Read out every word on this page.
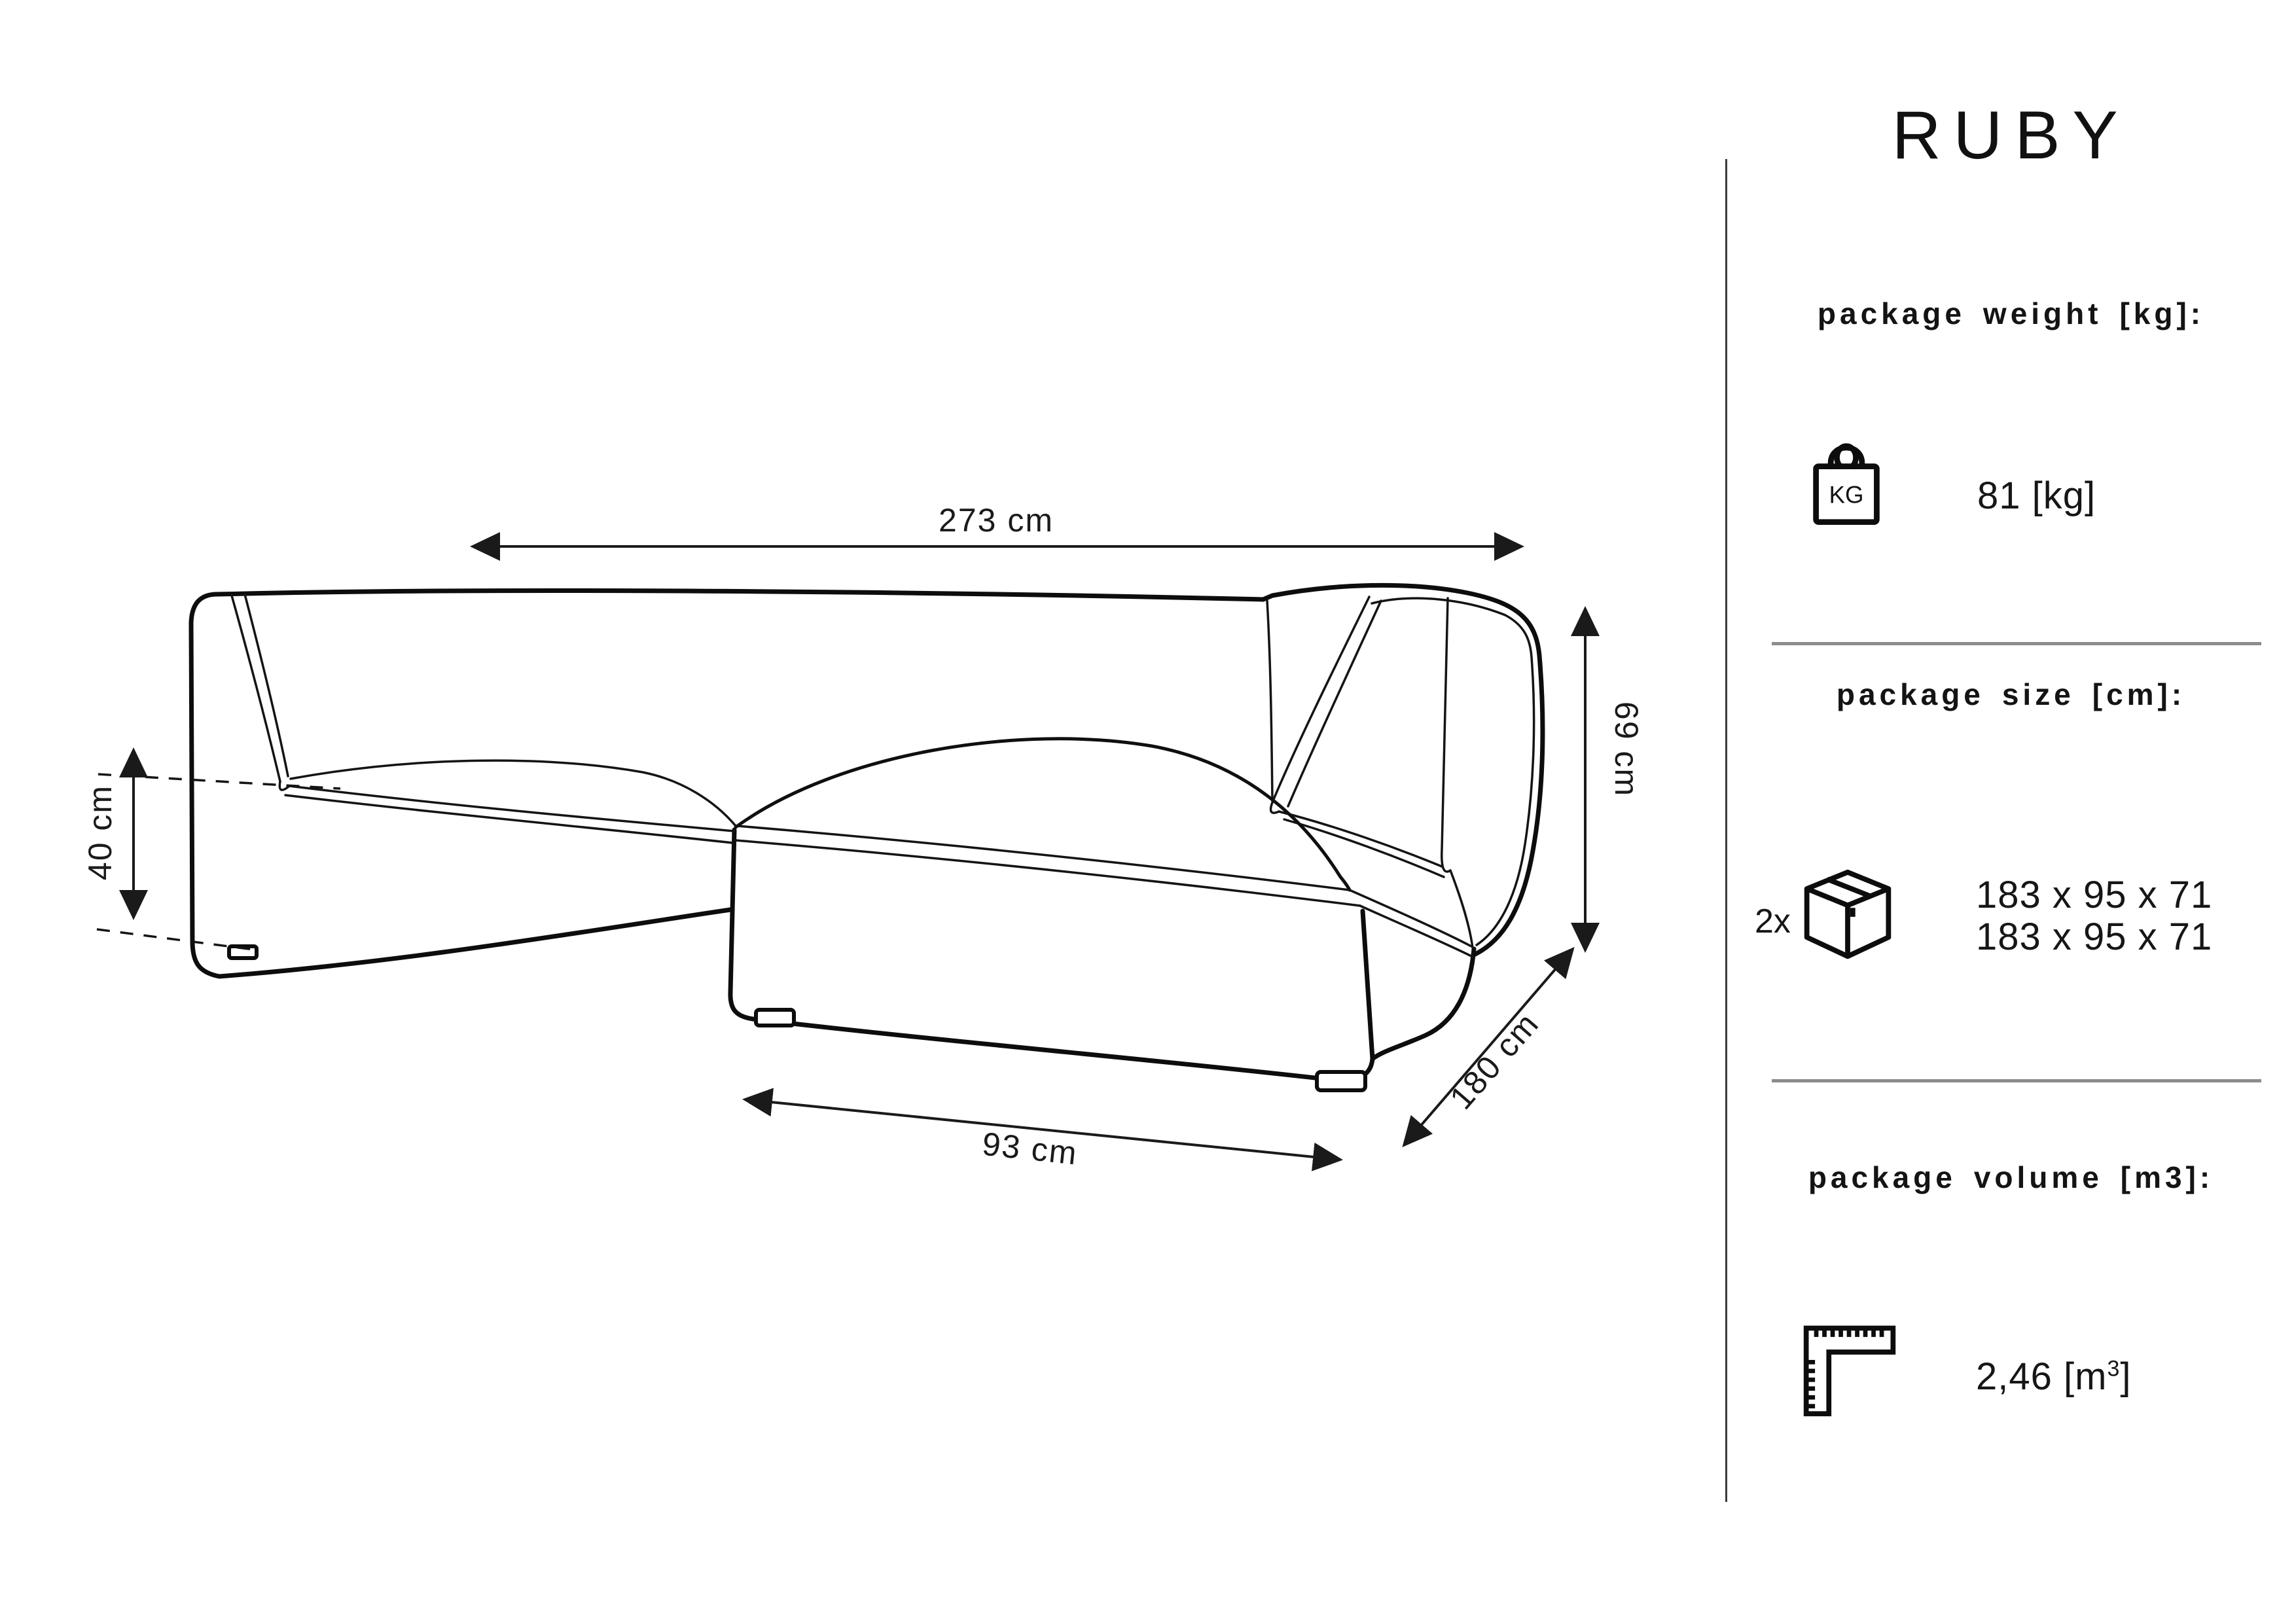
273 cm
40 cm
69 cm
93 cm
180 cm
RUBY
package weight [kg]:
KG	81 [kg]
package size [cm]:
2x
183 x 95 x 71
183 x 95 x 71
package volume [m3]:
2,46 $[m^3]$
